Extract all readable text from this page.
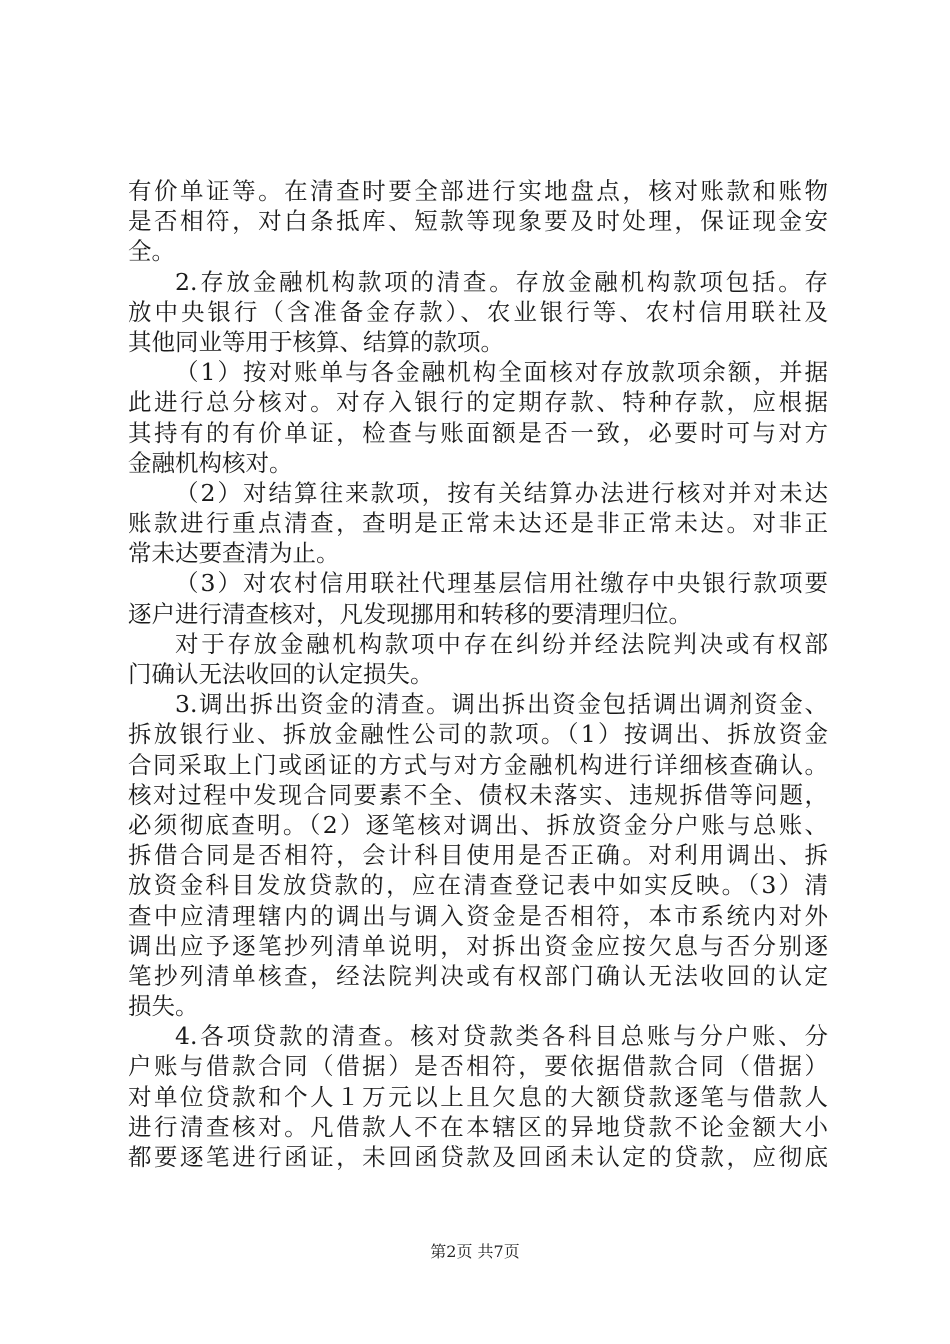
有价单证等。在清查时要全部进行实地盘点，核对账款和账物
是否相符，对白条抵库、短款等现象要及时处理，保证现金安
全。
2.存放金融机构款项的清查。存放金融机构款项包括。存
放中央银行（含准备金存款）、农业银行等、农村信用联社及
其他同业等用于核算、结算的款项。
（1）按对账单与各金融机构全面核对存放款项余额，并据
此进行总分核对。对存入银行的定期存款、特种存款，应根据
其持有的有价单证，检查与账面额是否一致，必要时可与对方
金融机构核对。
（2）对结算往来款项，按有关结算办法进行核对并对未达
账款进行重点清查，查明是正常未达还是非正常未达。对非正
常未达要查清为止。
（3）对农村信用联社代理基层信用社缴存中央银行款项要
逐户进行清查核对，凡发现挪用和转移的要清理归位。
对于存放金融机构款项中存在纠纷并经法院判决或有权部
门确认无法收回的认定损失。
3.调出拆出资金的清查。调出拆出资金包括调出调剂资金、
拆放银行业、拆放金融性公司的款项。（1）按调出、拆放资金
合同采取上门或函证的方式与对方金融机构进行详细核查确认。
核对过程中发现合同要素不全、债权未落实、违规拆借等问题，
必须彻底查明。（2）逐笔核对调出、拆放资金分户账与总账、
拆借合同是否相符，会计科目使用是否正确。对利用调出、拆
放资金科目发放贷款的，应在清查登记表中如实反映。（3）清
查中应清理辖内的调出与调入资金是否相符，本市系统内对外
调出应予逐笔抄列清单说明，对拆出资金应按欠息与否分别逐
笔抄列清单核查，经法院判决或有权部门确认无法收回的认定
损失。
4.各项贷款的清查。核对贷款类各科目总账与分户账、分
户账与借款合同（借据）是否相符，要依据借款合同（借据）
对单位贷款和个人１万元以上且欠息的大额贷款逐笔与借款人
进行清查核对。凡借款人不在本辖区的异地贷款不论金额大小
都要逐笔进行函证，未回函贷款及回函未认定的贷款，应彻底
第2页 共7页
